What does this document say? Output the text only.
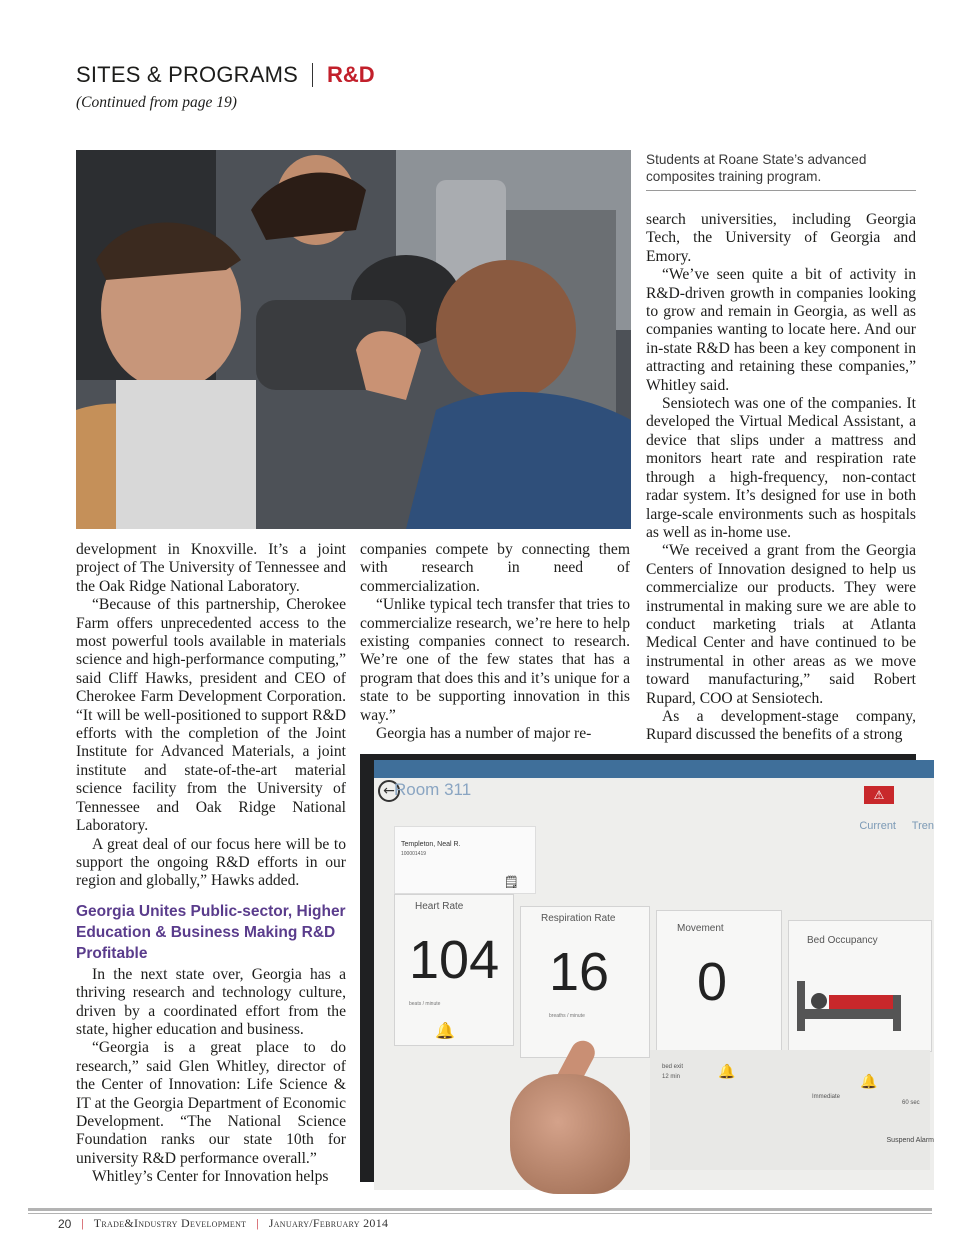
SITES & PROGRAMS R&D
(Continued from page 19)
Students at Roane State’s advanced composites training program.

development in Knoxville. It’s a joint project of The University of Tennessee and the Oak Ridge National Laboratory.

“Because of this partnership, Cherokee Farm offers unprecedented access to the most powerful tools available in materials science and high-performance computing,” said Cliff Hawks, president and CEO of Cherokee Farm Development Corporation. “It will be well-positioned to support R&D efforts with the completion of the Joint Institute for Advanced Materials, a joint institute and state-of-the-art material science facility from the University of Tennessee and Oak Ridge National Laboratory.

A great deal of our focus here will be to support the ongoing R&D efforts in our region and globally,” Hawks added.

Georgia Unites Public-sector, Higher Education & Business Making R&D Profitable

In the next state over, Georgia has a thriving research and technology culture, driven by a coordinated effort from the state, higher education and business.

“Georgia is a great place to do research,” said Glen Whitley, director of the Center of Innovation: Life Science & IT at the Georgia Department of Economic Development. “The National Science Foundation ranks our state 10th for university R&D performance overall.”

Whitley’s Center for Innovation helps

companies compete by connecting them with research in need of commercialization.

“Unlike typical tech transfer that tries to commercialize research, we’re here to help existing companies connect to research. We’re one of the few states that has a program that does this and it’s unique for a state to be supporting innovation in this way.”

Georgia has a number of major re-

search universities, including Georgia Tech, the University of Georgia and Emory.

“We’ve seen quite a bit of activity in R&D-driven growth in companies looking to grow and remain in Georgia, as well as companies wanting to locate here. And our in-state R&D has been a key component in attracting and retaining these companies,” Whitley said.

Sensiotech was one of the companies. It developed the Virtual Medical Assistant, a device that slips under a mattress and monitors heart rate and respiration rate through a high-frequency, non-contact radar system. It’s designed for use in both large-scale environments such as hospitals as well as in-home use.

“We received a grant from the Georgia Centers of Innovation designed to help us commercialize our products. They were instrumental in making sure we are able to conduct marketing trials at Atlanta Medical Center and have continued to be instrumental in other areas as we move toward manufacturing,” said Robert Rupard, COO at Sensiotech.

As a development-stage company, Rupard discussed the benefits of a strong

← Room 311	⚠
Current Tren
Templeton, Neal R.
100001419
🗒
Heart Rate
104
beats / minute
🔔
Respiration Rate
16
breaths / minute
Movement
0
Bed Occupancy
bed exit
12 min	🔔
Immediate
🔔
60 sec
Suspend Alarm
20 | Trade&Industry Development | January/February 2014
